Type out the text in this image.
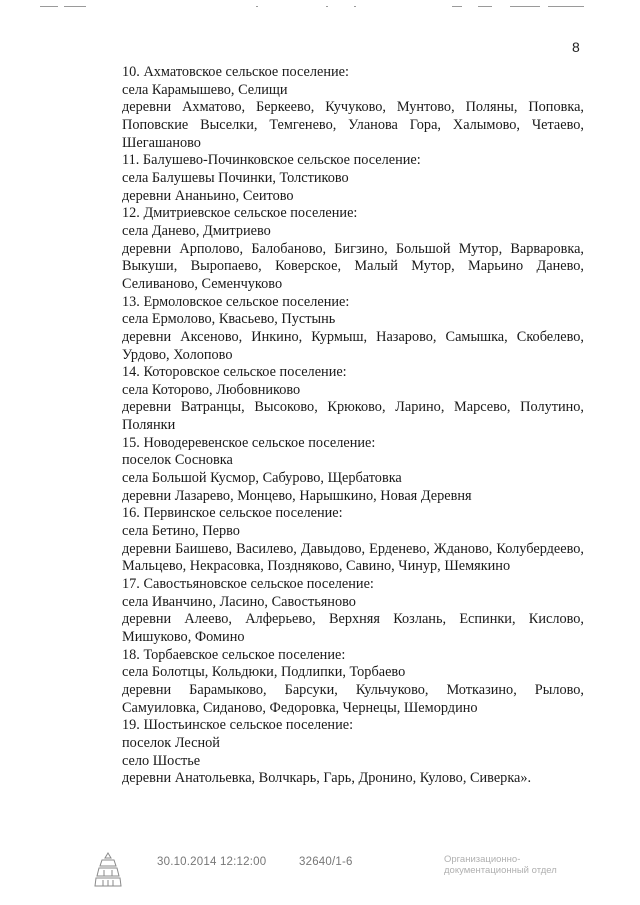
8

10. Ахматовское сельское поселение:

села Карамышево, Селищи

деревни Ахматово, Беркеево, Кучуково, Мунтово, Поляны, Поповка, Поповские Выселки, Темгенево, Уланова Гора, Халымово, Четаево, Шегашаново

11. Балушево-Починковское сельское поселение:

села Балушевы Починки, Толстиково

деревни Ананьино, Сеитово

12. Дмитриевское сельское поселение:

села Данево, Дмитриево

деревни Арполово, Балобаново, Бигзино, Большой Мутор, Варваровка, Выкуши, Выропаево, Коверское, Малый Мутор, Марьино Данево, Селиваново, Семенчуково

13. Ермоловское сельское поселение:

села Ермолово, Квасьево, Пустынь

деревни Аксеново, Инкино, Курмыш, Назарово, Самышка, Скобелево, Урдово, Холопово

14. Которовское сельское поселение:

села Которово, Любовниково

деревни Ватранцы, Высоково, Крюково, Ларино, Марсево, Полутино, Полянки

15. Новодеревенское сельское поселение:

поселок Сосновка

села Большой Кусмор, Сабурово, Щербатовка

деревни Лазарево, Монцево, Нарышкино, Новая Деревня

16. Первинское сельское поселение:

села Бетино, Перво

деревни Баишево, Василево, Давыдово, Ерденево, Жданово, Колубердеево, Мальцево, Некрасовка, Поздняково, Савино, Чинур, Шемякино

17. Савостьяновское сельское поселение:

села Иванчино, Ласино, Савостьяново

деревни Алеево, Алферьево, Верхняя Козлань, Еспинки, Кислово, Мишуково, Фомино

18. Торбаевское сельское поселение:

села Болотцы, Кольдюки, Подлипки, Торбаево

деревни Барамыково, Барсуки, Кульчуково, Мотказино, Рылово, Самуиловка, Сиданово, Федоровка, Чернецы, Шемордино

19. Шостьинское сельское поселение:

поселок Лесной

село Шостье

деревни Анатольевка, Волчкарь, Гарь, Дронино, Кулово, Сиверка».

30.10.2014 12:12:00	32640/1-6	Организационно-
документационный отдел
